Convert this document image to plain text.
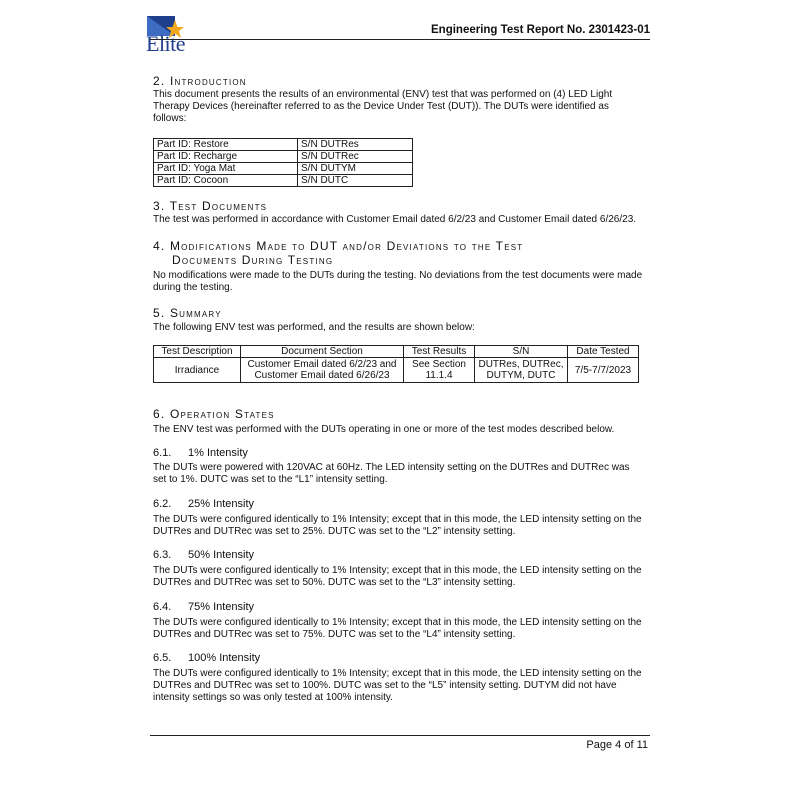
Elite
Engineering Test Report No. 2301423-01
2. Introduction
This document presents the results of an environmental (ENV) test that was performed on (4) LED Light Therapy Devices (hereinafter referred to as the Device Under Test (DUT)). The DUTs were identified as follows:
Part ID: Restore	S/N DUTRes
Part ID: Recharge	S/N DUTRec
Part ID: Yoga Mat	S/N DUTYM
Part ID: Cocoon	S/N DUTC
3. Test Documents
The test was performed in accordance with Customer Email dated 6/2/23 and Customer Email dated 6/26/23.
4. Modifications Made to DUT and/or Deviations to the Test
Documents During Testing
No modifications were made to the DUTs during the testing. No deviations from the test documents were made during the testing.
5. Summary
The following ENV test was performed, and the results are shown below:
Test Description	Document Section	Test Results	S/N	Date Tested
Irradiance	Customer Email dated 6/2/23 and Customer Email dated 6/26/23	See Section 11.1.4	DUTRes, DUTRec, DUTYM, DUTC	7/5-7/7/2023
6. Operation States
The ENV test was performed with the DUTs operating in one or more of the test modes described below.
6.1. 1% Intensity
The DUTs were powered with 120VAC at 60Hz. The LED intensity setting on the DUTRes and DUTRec was set to 1%. DUTC was set to the “L1” intensity setting.
6.2. 25% Intensity
The DUTs were configured identically to 1% Intensity; except that in this mode, the LED intensity setting on the DUTRes and DUTRec was set to 25%. DUTC was set to the “L2” intensity setting.
6.3. 50% Intensity
The DUTs were configured identically to 1% Intensity; except that in this mode, the LED intensity setting on the DUTRes and DUTRec was set to 50%. DUTC was set to the “L3” intensity setting.
6.4. 75% Intensity
The DUTs were configured identically to 1% Intensity; except that in this mode, the LED intensity setting on the DUTRes and DUTRec was set to 75%. DUTC was set to the “L4” intensity setting.
6.5. 100% Intensity
The DUTs were configured identically to 1% Intensity; except that in this mode, the LED intensity setting on the DUTRes and DUTRec was set to 100%. DUTC was set to the “L5” intensity setting. DUTYM did not have intensity settings so was only tested at 100% intensity.
Page 4 of 11
